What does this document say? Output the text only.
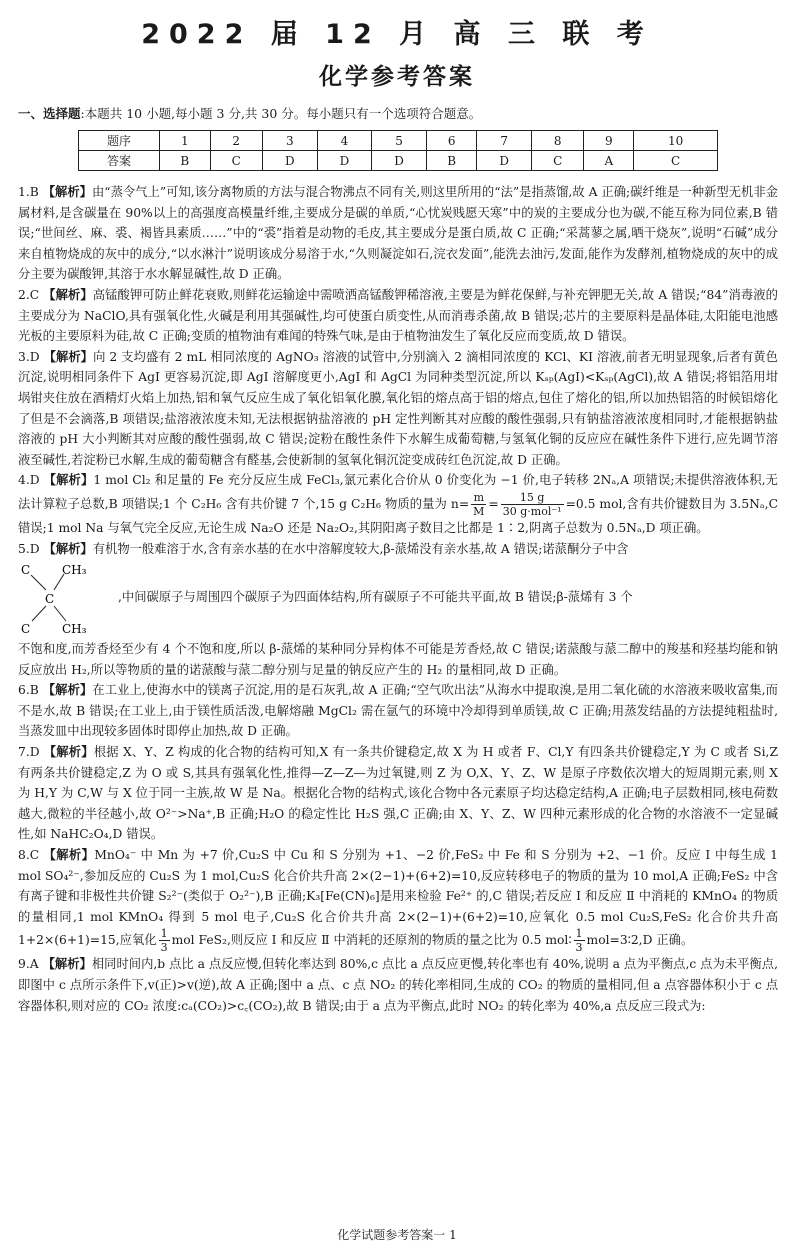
2022 届 12 月 高 三 联 考
化学参考答案
一、选择题:本题共 10 小题,每小题 3 分,共 30 分。每小题只有一个选项符合题意。
题序	1	2	3	4	5	6	7	8	9	10
答案	B	C	D	D	D	B	D	C	A	C

1.B 【解析】由“蒸令气上”可知,该分离物质的方法与混合物沸点不同有关,则这里所用的“法”是指蒸馏,故 A 正确;碳纤维是一种新型无机非金属材料,是含碳量在 90%以上的高强度高模量纤维,主要成分是碳的单质,“心忧炭贱愿天寒”中的炭的主要成分也为碳,不能互称为同位素,B 错误;“世间丝、麻、裘、褐皆具素质……”中的“裘”指着是动物的毛皮,其主要成分是蛋白质,故 C 正确;“采蒿蓼之属,晒干烧灰”,说明“石碱”成分来自植物烧成的灰中的成分,“以水淋汁”说明该成分易溶于水,“久则凝淀如石,浣衣发面”,能洗去油污,发面,能作为发酵剂,植物烧成的灰中的成分主要为碳酸钾,其溶于水水解显碱性,故 D 正确。

2.C 【解析】高锰酸钾可防止鲜花衰败,则鲜花运输途中需喷洒高锰酸钾稀溶液,主要是为鲜花保鲜,与补充钾肥无关,故 A 错误;“84”消毒液的主要成分为 NaClO,具有强氧化性,火碱是利用其强碱性,均可使蛋白质变性,从而消毒杀菌,故 B 错误;芯片的主要原料是晶体硅,太阳能电池感光板的主要原料为硅,故 C 正确;变质的植物油有难闻的特殊气味,是由于植物油发生了氧化反应而变质,故 D 错误。

3.D 【解析】向 2 支均盛有 2 mL 相同浓度的 AgNO₃ 溶液的试管中,分别滴入 2 滴相同浓度的 KCl、KI 溶液,前者无明显现象,后者有黄色沉淀,说明相同条件下 AgI 更容易沉淀,即 AgI 溶解度更小,AgI 和 AgCl 为同种类型沉淀,所以 Kₛₚ(AgI)<Kₛₚ(AgCl),故 A 错误;将铝箔用坩埚钳夹住放在酒精灯火焰上加热,铝和氧气反应生成了氧化铝氧化膜,氧化铝的熔点高于铝的熔点,包住了熔化的铝,所以加热铝箔的时候铝熔化了但是不会滴落,B 项错误;盐溶液浓度未知,无法根据钠盐溶液的 pH 定性判断其对应酸的酸性强弱,只有钠盐溶液浓度相同时,才能根据钠盐溶液的 pH 大小判断其对应酸的酸性强弱,故 C 错误;淀粉在酸性条件下水解生成葡萄糖,与氢氧化铜的反应应在碱性条件下进行,应先调节溶液至碱性,若淀粉已水解,生成的葡萄糖含有醛基,会使新制的氢氧化铜沉淀变成砖红色沉淀,故 D 正确。

4.D 【解析】1 mol Cl₂ 和足量的 Fe 充分反应生成 FeCl₃,氯元素化合价从 0 价变化为 −1 价,电子转移 2Nₐ,A 项错误;未提供溶液体积,无法计算粒子总数,B 项错误;1 个 C₂H₆ 含有共价键 7 个,15 g C₂H₆ 物质的量为 $n= \frac{m}{M} = \frac{15 g}{\text{30 g·mol⁻¹}} =0.5$ mol,含有共价键数目为 3.5Nₐ,C 错误;1 mol Na 与氧气完全反应,无论生成 Na₂O 还是 Na₂O₂,其阴阳离子数目之比都是 1∶2,阴离子总数为 0.5Nₐ,D 项正确。

5.D 【解析】有机物一般难溶于水,含有亲水基的在水中溶解度较大,β-蒎烯没有亲水基,故 A 错误;诺蒎酮分子中含

C	CH₃
C
C	CH₃
,中间碳原子与周围四个碳原子为四面体结构,所有碳原子不可能共平面,故 B 错误;β-蒎烯有 3 个

不饱和度,而芳香烃至少有 4 个不饱和度,所以 β-蒎烯的某种同分异构体不可能是芳香烃,故 C 错误;诺蒎酸与蒎二醇中的羧基和羟基均能和钠反应放出 H₂,所以等物质的量的诺蒎酸与蒎二醇分别与足量的钠反应产生的 H₂ 的量相同,故 D 正确。

6.B 【解析】在工业上,使海水中的镁离子沉淀,用的是石灰乳,故 A 正确;“空气吹出法”从海水中提取溴,是用二氧化硫的水溶液来吸收富集,而不是水,故 B 错误;在工业上,由于镁性质活泼,电解熔融 MgCl₂ 需在氩气的环境中冷却得到单质镁,故 C 正确;用蒸发结晶的方法提纯粗盐时,当蒸发皿中出现较多固体时即停止加热,故 D 正确。

7.D 【解析】根据 X、Y、Z 构成的化合物的结构可知,X 有一条共价键稳定,故 X 为 H 或者 F、Cl,Y 有四条共价键稳定,Y 为 C 或者 Si,Z 有两条共价键稳定,Z 为 O 或 S,其具有强氧化性,推得—Z—Z—为过氧键,则 Z 为 O,X、Y、Z、W 是原子序数依次增大的短周期元素,则 X 为 H,Y 为 C,W 与 X 位于同一主族,故 W 是 Na。根据化合物的结构式,该化合物中各元素原子均达稳定结构,A 正确;电子层数相同,核电荷数越大,微粒的半径越小,故 O²⁻>Na⁺,B 正确;H₂O 的稳定性比 H₂S 强,C 正确;由 X、Y、Z、W 四种元素形成的化合物的水溶液不一定显碱性,如 NaHC₂O₄,D 错误。

8.C 【解析】MnO₄⁻ 中 Mn 为 +7 价,Cu₂S 中 Cu 和 S 分别为 +1、−2 价,FeS₂ 中 Fe 和 S 分别为 +2、−1 价。反应 Ⅰ 中每生成 1 mol SO₄²⁻,参加反应的 Cu₂S 为 1 mol,Cu₂S 化合价共升高 2×(2−1)+(6+2)=10,反应转移电子的物质的量为 10 mol,A 正确;FeS₂ 中含有离子键和非极性共价键 S₂²⁻(类似于 O₂²⁻),B 正确;K₃[Fe(CN)₆]是用来检验 Fe²⁺ 的,C 错误;若反应 Ⅰ 和反应 Ⅱ 中消耗的 KMnO₄ 的物质的量相同,1 mol KMnO₄ 得到 5 mol 电子,Cu₂S 化合价共升高 2×(2−1)+(6+2)=10,应氧化 0.5 mol Cu₂S,FeS₂ 化合价共升高 1+2×(6+1)=15,应氧化 $\frac{1}{3}$ mol FeS₂,则反应 Ⅰ 和反应 Ⅱ 中消耗的还原剂的物质的量之比为 0.5 mol∶ $\frac{1}{3}$ mol=3∶2,D 正确。

9.A 【解析】相同时间内,b 点比 a 点反应慢,但转化率达到 80%,c 点比 a 点反应更慢,转化率也有 40%,说明 a 点为平衡点,c 点为未平衡点,即图中 c 点所示条件下,v(正)>v(逆),故 A 正确;图中 a 点、c 点 NO₂ 的转化率相同,生成的 CO₂ 的物质的量相同,但 a 点容器体积小于 c 点容器体积,则对应的 CO₂ 浓度:cₐ(CO₂)>c꜀(CO₂),故 B 错误;由于 a 点为平衡点,此时 NO₂ 的转化率为 40%,a 点反应三段式为:

化学试题参考答案一 1
